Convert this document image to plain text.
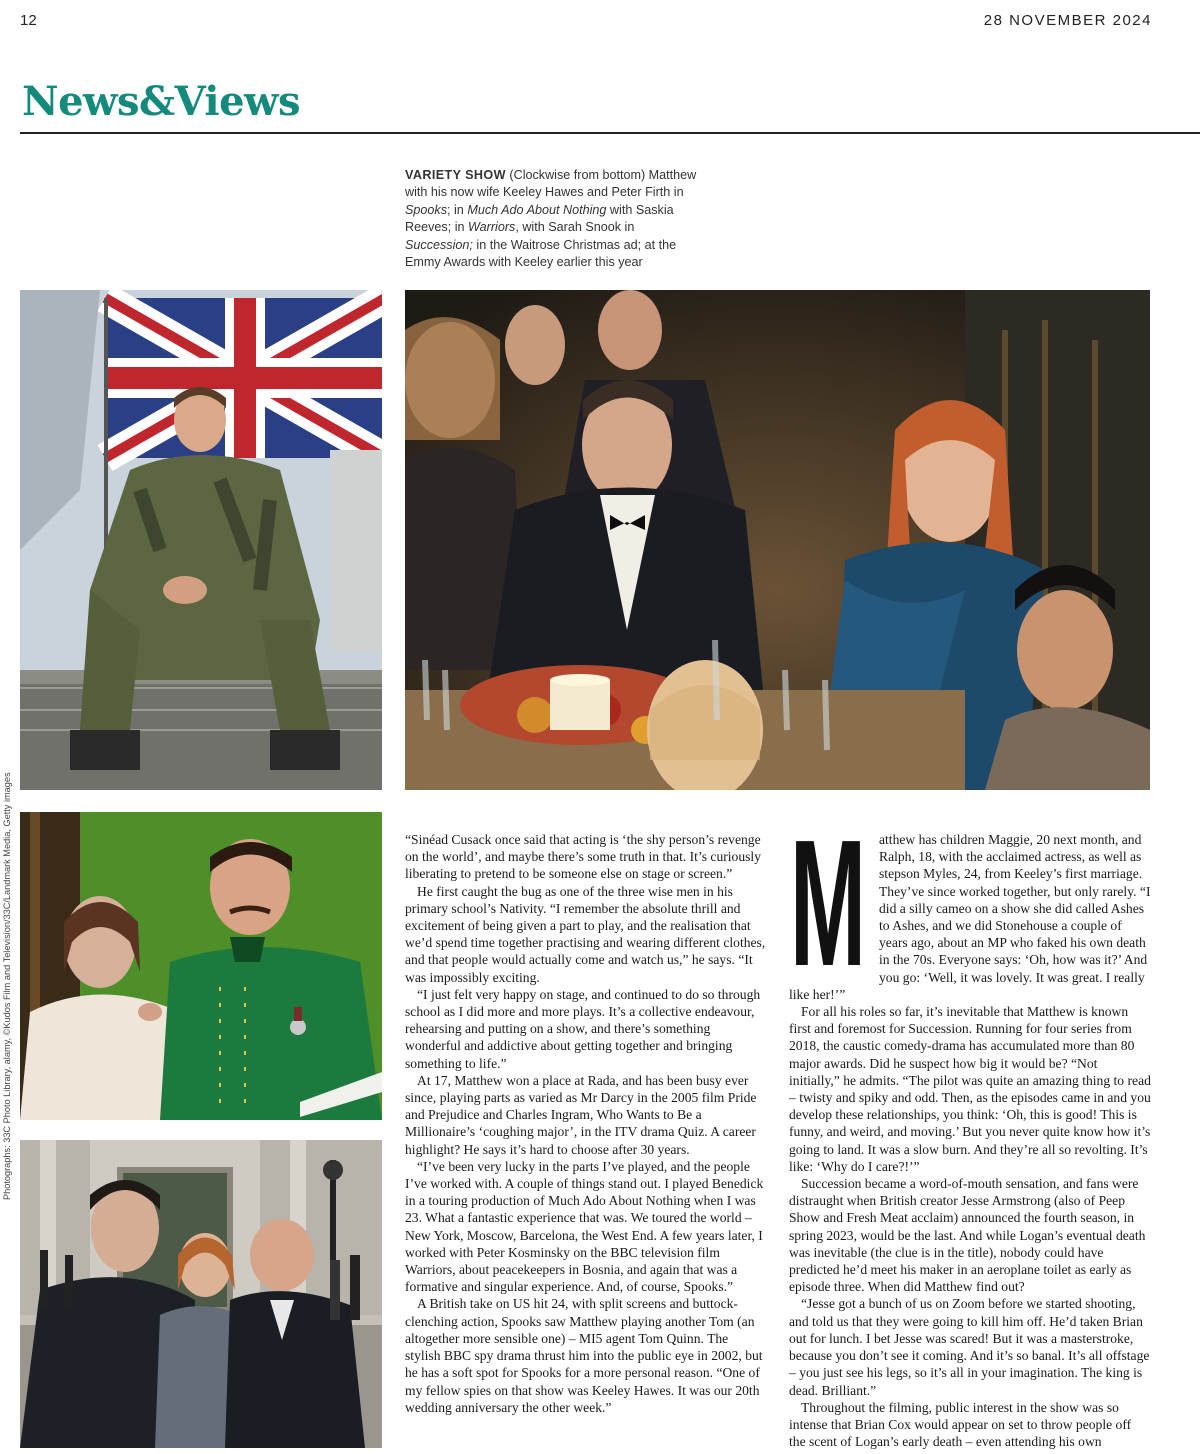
12	28 NOVEMBER 2024
News&Views
VARIETY SHOW (Clockwise from bottom) Matthew with his now wife Keeley Hawes and Peter Firth in Spooks; in Much Ado About Nothing with Saskia Reeves; in Warriors, with Sarah Snook in Succession; in the Waitrose Christmas ad; at the Emmy Awards with Keeley earlier this year
Photographs: 33C Photo Library, alamy, ©Kudos Film and Television/33C/Landmark Media, Getty images	“Sinéad Cusack once said that acting is ‘the shy person’s revenge on the world’, and maybe there’s some truth in that. It’s curiously liberating to pretend to be someone else on stage or screen.”

He first caught the bug as one of the three wise men in his primary school’s Nativity. “I remember the absolute thrill and excitement of being given a part to play, and the realisation that we’d spend time together practising and wearing different clothes, and that people would actually come and watch us,” he says. “It was impossibly exciting.

“I just felt very happy on stage, and continued to do so through school as I did more and more plays. It’s a collective endeavour, rehearsing and putting on a show, and there’s something wonderful and addictive about getting together and bringing something to life.”

At 17, Matthew won a place at Rada, and has been busy ever since, playing parts as varied as Mr Darcy in the 2005 film Pride and Prejudice and Charles Ingram, Who Wants to Be a Millionaire’s ‘coughing major’, in the ITV drama Quiz. A career highlight? He says it’s hard to choose after 30 years.

“I’ve been very lucky in the parts I’ve played, and the people I’ve worked with. A couple of things stand out. I played Benedick in a touring production of Much Ado About Nothing when I was 23. What a fantastic experience that was. We toured the world – New York, Moscow, Barcelona, the West End. A few years later, I worked with Peter Kosminsky on the BBC television film Warriors, about peacekeepers in Bosnia, and again that was a formative and singular experience. And, of course, Spooks.”

A British take on US hit 24, with split screens and buttock-clenching action, Spooks saw Matthew playing another Tom (an altogether more sensible one) – MI5 agent Tom Quinn. The stylish BBC spy drama thrust him into the public eye in 2002, but he has a soft spot for Spooks for a more personal reason. “One of my fellow spies on that show was Keeley Hawes. It was our 20th wedding anniversary the other week.”

M atthew has children Maggie, 20 next month, and Ralph, 18, with the acclaimed actress, as well as stepson Myles, 24, from Keeley’s first marriage. They’ve since worked together, but only rarely. “I did a silly cameo on a show she did called Ashes to Ashes, and we did Stonehouse a couple of years ago, about an MP who faked his own death in the 70s. Everyone says: ‘Oh, how was it?’ And you go: ‘Well, it was lovely. It was great. I really like her!’”

For all his roles so far, it’s inevitable that Matthew is known first and foremost for Succession. Running for four series from 2018, the caustic comedy-drama has accumulated more than 80 major awards. Did he suspect how big it would be? “Not initially,” he admits. “The pilot was quite an amazing thing to read – twisty and spiky and odd. Then, as the episodes came in and you develop these relationships, you think: ‘Oh, this is good! This is funny, and weird, and moving.’ But you never quite know how it’s going to land. It was a slow burn. And they’re all so revolting. It’s like: ‘Why do I care?!’”

Succession became a word-of-mouth sensation, and fans were distraught when British creator Jesse Armstrong (also of Peep Show and Fresh Meat acclaim) announced the fourth season, in spring 2023, would be the last. And while Logan’s eventual death was inevitable (the clue is in the title), nobody could have predicted he’d meet his maker in an aeroplane toilet as early as episode three. When did Matthew find out?

“Jesse got a bunch of us on Zoom before we started shooting, and told us that they were going to kill him off. He’d taken Brian out for lunch. I bet Jesse was scared! But it was a masterstroke, because you don’t see it coming. And it’s so banal. It’s all offstage – you just see his legs, so it’s all in your imagination. The king is dead. Brilliant.”

Throughout the filming, public interest in the show was so intense that Brian Cox would appear on set to throw people off the scent of Logan’s early death – even attending his own
